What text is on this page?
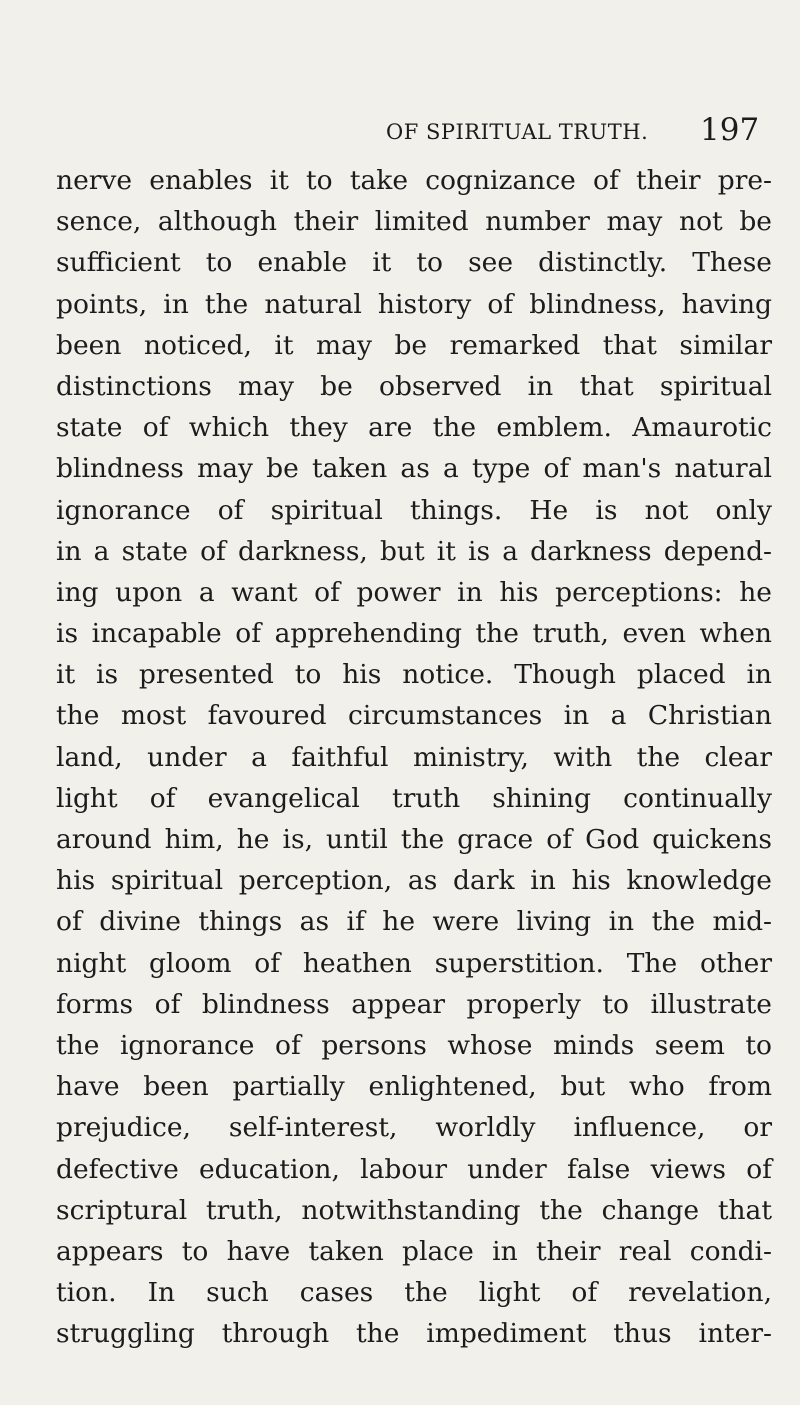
OF SPIRITUAL TRUTH. 197
nerve enables it to take cognizance of their pre-
sence, although their limited number may not be
sufficient to enable it to see distinctly. These
points, in the natural history of blindness, having
been noticed, it may be remarked that similar
distinctions may be observed in that spiritual
state of which they are the emblem. Amaurotic
blindness may be taken as a type of man's natural
ignorance of spiritual things. He is not only
in a state of darkness, but it is a darkness depend-
ing upon a want of power in his perceptions: he
is incapable of apprehending the truth, even when
it is presented to his notice. Though placed in
the most favoured circumstances in a Christian
land, under a faithful ministry, with the clear
light of evangelical truth shining continually
around him, he is, until the grace of God quickens
his spiritual perception, as dark in his knowledge
of divine things as if he were living in the mid-
night gloom of heathen superstition. The other
forms of blindness appear properly to illustrate
the ignorance of persons whose minds seem to
have been partially enlightened, but who from
prejudice, self-interest, worldly influence, or
defective education, labour under false views of
scriptural truth, notwithstanding the change that
appears to have taken place in their real condi-
tion. In such cases the light of revelation,
struggling through the impediment thus inter-
